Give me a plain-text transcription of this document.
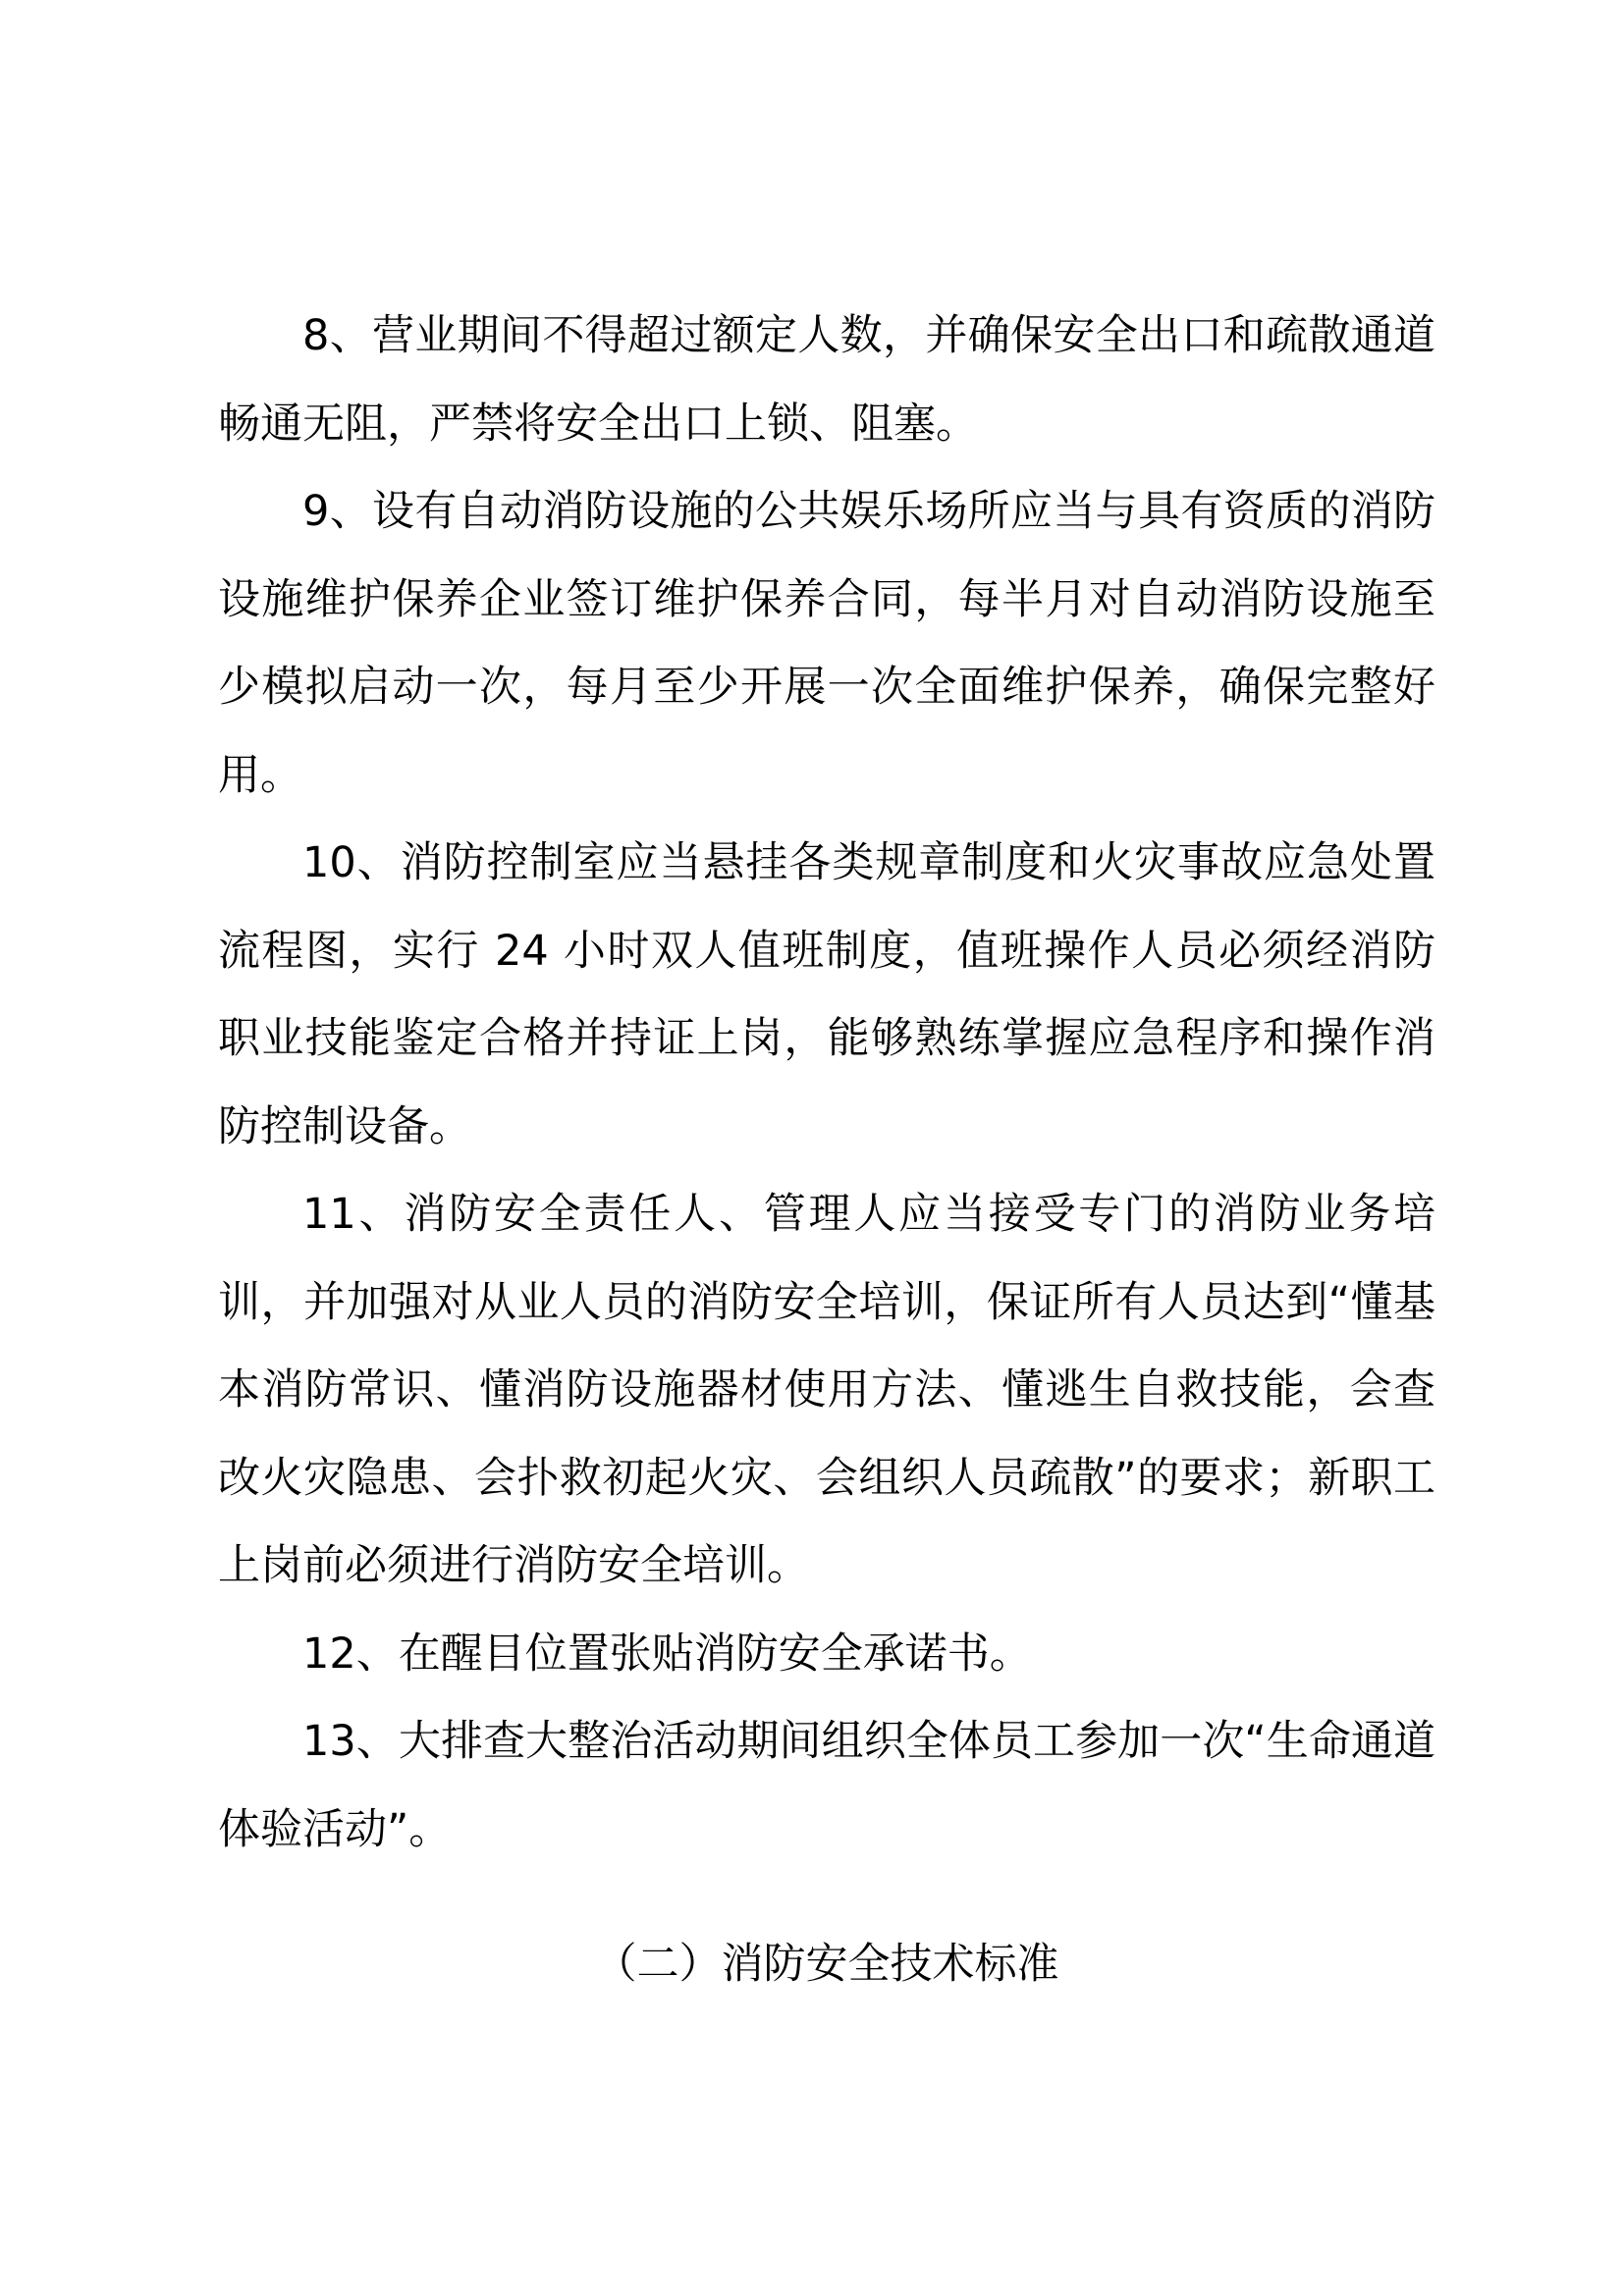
8、营业期间不得超过额定人数，并确保安全出口和疏散通道畅通无阻，严禁将安全出口上锁、阻塞。

9、设有自动消防设施的公共娱乐场所应当与具有资质的消防设施维护保养企业签订维护保养合同，每半月对自动消防设施至少模拟启动一次，每月至少开展一次全面维护保养，确保完整好用。

10、消防控制室应当悬挂各类规章制度和火灾事故应急处置流程图，实行 24 小时双人值班制度，值班操作人员必须经消防职业技能鉴定合格并持证上岗，能够熟练掌握应急程序和操作消防控制设备。

11、消防安全责任人、管理人应当接受专门的消防业务培训，并加强对从业人员的消防安全培训，保证所有人员达到“懂基本消防常识、懂消防设施器材使用方法、懂逃生自救技能，会查改火灾隐患、会扑救初起火灾、会组织人员疏散”的要求；新职工上岗前必须进行消防安全培训。

12、在醒目位置张贴消防安全承诺书。

13、大排查大整治活动期间组织全体员工参加一次“生命通道体验活动”。

（二）消防安全技术标准
